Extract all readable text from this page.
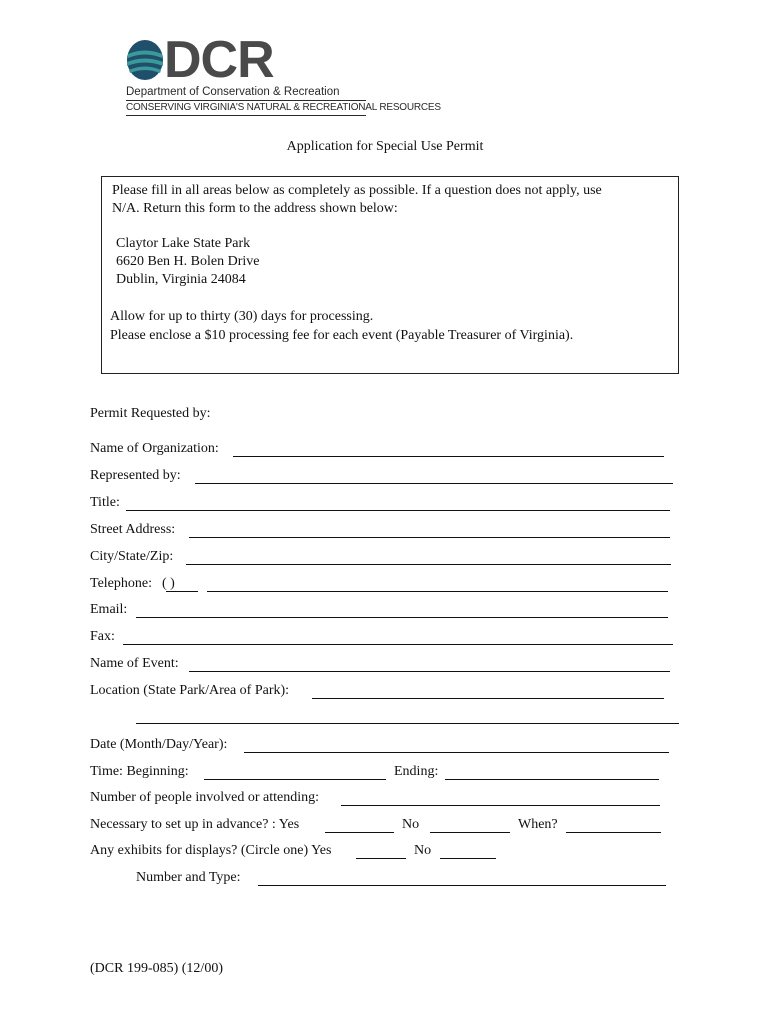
DCR
Department of Conservation & Recreation
CONSERVING VIRGINIA'S NATURAL & RECREATIONAL RESOURCES
Application for Special Use Permit
Please fill in all areas below as completely as possible. If a question does not apply, use
N/A. Return this form to the address shown below:
Claytor Lake State Park
6620 Ben H. Bolen Drive
Dublin, Virginia 24084
Allow for up to thirty (30) days for processing.
Please enclose a $10 processing fee for each event (Payable Treasurer of Virginia).
Permit Requested by:
Name of Organization:
Represented by:
Title:
Street Address:
City/State/Zip:
Telephone: ( )
Email:
Fax:
Name of Event:
Location (State Park/Area of Park):
Date (Month/Day/Year):
Time: Beginning:	Ending:
Number of people involved or attending:
Necessary to set up in advance? : Yes	No	When?
Any exhibits for displays? (Circle one) Yes	No
Number and Type:
(DCR 199-085) (12/00)
